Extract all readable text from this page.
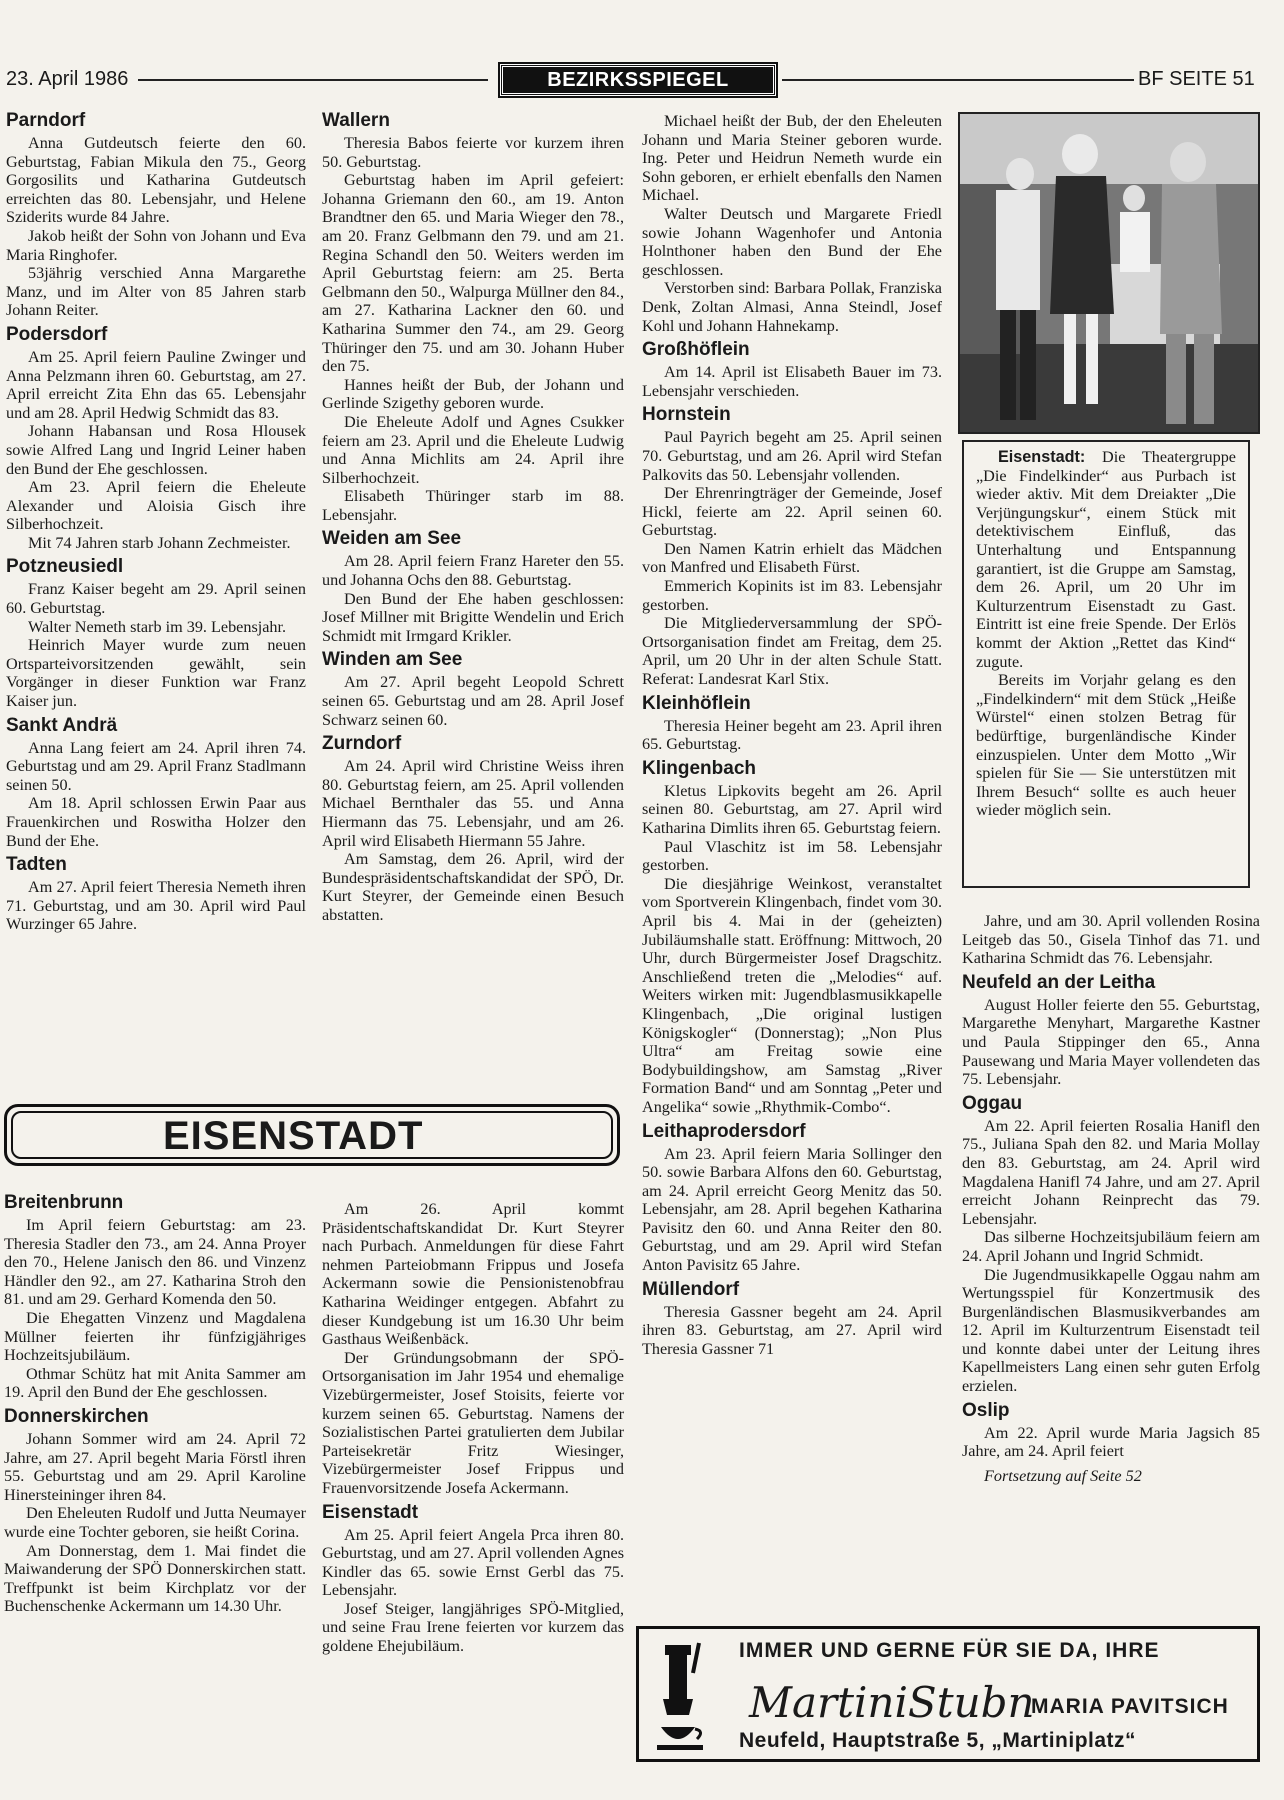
23. April 1986	BEZIRKSSPIEGEL	BF SEITE 51
Parndorf

Anna Gutdeutsch feierte den 60. Geburtstag, Fabian Mikula den 75., Georg Gorgosilits und Katharina Gutdeutsch erreichten das 80. Lebensjahr, und Helene Sziderits wurde 84 Jahre.

Jakob heißt der Sohn von Johann und Eva Maria Ringhofer.

53jährig verschied Anna Margarethe Manz, und im Alter von 85 Jahren starb Johann Reiter.

Podersdorf

Am 25. April feiern Pauline Zwinger und Anna Pelzmann ihren 60. Geburtstag, am 27. April erreicht Zita Ehn das 65. Lebensjahr und am 28. April Hedwig Schmidt das 83.

Johann Habansan und Rosa Hlousek sowie Alfred Lang und Ingrid Leiner haben den Bund der Ehe geschlossen.

Am 23. April feiern die Eheleute Alexander und Aloisia Gisch ihre Silberhochzeit.

Mit 74 Jahren starb Johann Zechmeister.

Potzneusiedl

Franz Kaiser begeht am 29. April seinen 60. Geburtstag.

Walter Nemeth starb im 39. Lebensjahr.

Heinrich Mayer wurde zum neuen Ortsparteivorsitzenden gewählt, sein Vorgänger in dieser Funktion war Franz Kaiser jun.

Sankt Andrä

Anna Lang feiert am 24. April ihren 74. Geburtstag und am 29. April Franz Stadlmann seinen 50.

Am 18. April schlossen Erwin Paar aus Frauenkirchen und Roswitha Holzer den Bund der Ehe.

Tadten

Am 27. April feiert Theresia Nemeth ihren 71. Geburtstag, und am 30. April wird Paul Wurzinger 65 Jahre.

Wallern

Theresia Babos feierte vor kurzem ihren 50. Geburtstag.

Geburtstag haben im April gefeiert: Johanna Griemann den 60., am 19. Anton Brandtner den 65. und Maria Wieger den 78., am 20. Franz Gelbmann den 79. und am 21. Regina Schandl den 50. Weiters werden im April Geburtstag feiern: am 25. Berta Gelbmann den 50., Walpurga Müllner den 84., am 27. Katharina Lackner den 60. und Katharina Summer den 74., am 29. Georg Thüringer den 75. und am 30. Johann Huber den 75.

Hannes heißt der Bub, der Johann und Gerlinde Szigethy geboren wurde.

Die Eheleute Adolf und Agnes Csukker feiern am 23. April und die Eheleute Ludwig und Anna Michlits am 24. April ihre Silberhochzeit.

Elisabeth Thüringer starb im 88. Lebensjahr.

Weiden am See

Am 28. April feiern Franz Hareter den 55. und Johanna Ochs den 88. Geburtstag.

Den Bund der Ehe haben geschlossen: Josef Millner mit Brigitte Wendelin und Erich Schmidt mit Irmgard Krikler.

Winden am See

Am 27. April begeht Leopold Schrett seinen 65. Geburtstag und am 28. April Josef Schwarz seinen 60.

Zurndorf

Am 24. April wird Christine Weiss ihren 80. Geburtstag feiern, am 25. April vollenden Michael Bernthaler das 55. und Anna Hiermann das 75. Lebensjahr, und am 26. April wird Elisabeth Hiermann 55 Jahre.

Am Samstag, dem 26. April, wird der Bundespräsidentschaftskandidat der SPÖ, Dr. Kurt Steyrer, der Gemeinde einen Besuch abstatten.

Michael heißt der Bub, der den Eheleuten Johann und Maria Steiner geboren wurde. Ing. Peter und Heidrun Nemeth wurde ein Sohn geboren, er erhielt ebenfalls den Namen Michael.

Walter Deutsch und Margarete Friedl sowie Johann Wagenhofer und Antonia Holnthoner haben den Bund der Ehe geschlossen.

Verstorben sind: Barbara Pollak, Franziska Denk, Zoltan Almasi, Anna Steindl, Josef Kohl und Johann Hahnekamp.

Großhöflein

Am 14. April ist Elisabeth Bauer im 73. Lebensjahr verschieden.

Hornstein

Paul Payrich begeht am 25. April seinen 70. Geburtstag, und am 26. April wird Stefan Palkovits das 50. Lebensjahr vollenden.

Der Ehrenringträger der Gemeinde, Josef Hickl, feierte am 22. April seinen 60. Geburtstag.

Den Namen Katrin erhielt das Mädchen von Manfred und Elisabeth Fürst.

Emmerich Kopinits ist im 83. Lebensjahr gestorben.

Die Mitgliederversammlung der SPÖ-Ortsorganisation findet am Freitag, dem 25. April, um 20 Uhr in der alten Schule Statt. Referat: Landesrat Karl Stix.

Kleinhöflein

Theresia Heiner begeht am 23. April ihren 65. Geburtstag.

Klingenbach

Kletus Lipkovits begeht am 26. April seinen 80. Geburtstag, am 27. April wird Katharina Dimlits ihren 65. Geburtstag feiern.

Paul Vlaschitz ist im 58. Lebensjahr gestorben.

Die diesjährige Weinkost, veranstaltet vom Sportverein Klingenbach, findet vom 30. April bis 4. Mai in der (geheizten) Jubiläumshalle statt. Eröffnung: Mittwoch, 20 Uhr, durch Bürgermeister Josef Dragschitz. Anschließend treten die „Melodies“ auf. Weiters wirken mit: Jugendblasmusikkapelle Klingenbach, „Die original lustigen Königskogler“ (Donnerstag); „Non Plus Ultra“ am Freitag sowie eine Bodybuildingshow, am Samstag „River Formation Band“ und am Sonntag „Peter und Angelika“ sowie „Rhythmik-Combo“.

Leithaprodersdorf

Am 23. April feiern Maria Sollinger den 50. sowie Barbara Alfons den 60. Geburtstag, am 24. April erreicht Georg Menitz das 50. Lebensjahr, am 28. April begehen Katharina Pavisitz den 60. und Anna Reiter den 80. Geburtstag, und am 29. April wird Stefan Anton Pavisitz 65 Jahre.

Müllendorf

Theresia Gassner begeht am 24. April ihren 83. Geburtstag, am 27. April wird Theresia Gassner 71

Eisenstadt: Die Theatergruppe „Die Findelkinder“ aus Purbach ist wieder aktiv. Mit dem Dreiakter „Die Verjüngungskur“, einem Stück mit detektivischem Einfluß, das Unterhaltung und Entspannung garantiert, ist die Gruppe am Samstag, dem 26. April, um 20 Uhr im Kulturzentrum Eisenstadt zu Gast. Eintritt ist eine freie Spende. Der Erlös kommt der Aktion „Rettet das Kind“ zugute.

Bereits im Vorjahr gelang es den „Findelkindern“ mit dem Stück „Heiße Würstel“ einen stolzen Betrag für bedürftige, burgenländische Kinder einzuspielen. Unter dem Motto „Wir spielen für Sie — Sie unterstützen mit Ihrem Besuch“ sollte es auch heuer wieder möglich sein.

Jahre, und am 30. April vollenden Rosina Leitgeb das 50., Gisela Tinhof das 71. und Katharina Schmidt das 76. Lebensjahr.

Neufeld an der Leitha

August Holler feierte den 55. Geburtstag, Margarethe Menyhart, Margarethe Kastner und Paula Stippinger den 65., Anna Pausewang und Maria Mayer vollendeten das 75. Lebensjahr.

Oggau

Am 22. April feierten Rosalia Hanifl den 75., Juliana Spah den 82. und Maria Mollay den 83. Geburtstag, am 24. April wird Magdalena Hanifl 74 Jahre, und am 27. April erreicht Johann Reinprecht das 79. Lebensjahr.

Das silberne Hochzeitsjubiläum feiern am 24. April Johann und Ingrid Schmidt.

Die Jugendmusikkapelle Oggau nahm am Wertungsspiel für Konzertmusik des Burgenländischen Blasmusikverbandes am 12. April im Kulturzentrum Eisenstadt teil und konnte dabei unter der Leitung ihres Kapellmeisters Lang einen sehr guten Erfolg erzielen.

Oslip

Am 22. April wurde Maria Jagsich 85 Jahre, am 24. April feiert

Fortsetzung auf Seite 52

EISENSTADT
Breitenbrunn

Im April feiern Geburtstag: am 23. Theresia Stadler den 73., am 24. Anna Proyer den 70., Helene Janisch den 86. und Vinzenz Händler den 92., am 27. Katharina Stroh den 81. und am 29. Gerhard Komenda den 50.

Die Ehegatten Vinzenz und Magdalena Müllner feierten ihr fünfzigjähriges Hochzeitsjubiläum.

Othmar Schütz hat mit Anita Sammer am 19. April den Bund der Ehe geschlossen.

Donnerskirchen

Johann Sommer wird am 24. April 72 Jahre, am 27. April begeht Maria Förstl ihren 55. Geburtstag und am 29. April Karoline Hinersteininger ihren 84.

Den Eheleuten Rudolf und Jutta Neumayer wurde eine Tochter geboren, sie heißt Corina.

Am Donnerstag, dem 1. Mai findet die Maiwanderung der SPÖ Donnerskirchen statt. Treffpunkt ist beim Kirchplatz vor der Buchenschenke Ackermann um 14.30 Uhr.

Am 26. April kommt Präsidentschaftskandidat Dr. Kurt Steyrer nach Purbach. Anmeldungen für diese Fahrt nehmen Parteiobmann Frippus und Josefa Ackermann sowie die Pensionistenobfrau Katharina Weidinger entgegen. Abfahrt zu dieser Kundgebung ist um 16.30 Uhr beim Gasthaus Weißenbäck.

Der Gründungsobmann der SPÖ-Ortsorganisation im Jahr 1954 und ehemalige Vizebürgermeister, Josef Stoisits, feierte vor kurzem seinen 65. Geburtstag. Namens der Sozialistischen Partei gratulierten dem Jubilar Parteisekretär Fritz Wiesinger, Vizebürgermeister Josef Frippus und Frauenvorsitzende Josefa Ackermann.

Eisenstadt

Am 25. April feiert Angela Prca ihren 80. Geburtstag, und am 27. April vollenden Agnes Kindler das 65. sowie Ernst Gerbl das 75. Lebensjahr.

Josef Steiger, langjähriges SPÖ-Mitglied, und seine Frau Irene feierten vor kurzem das goldene Ehejubiläum.	IMMER UND GERNE FÜR SIE DA, IHRE
MartiniStubn
MARIA PAVITSICH
Neufeld, Hauptstraße 5, „Martiniplatz“
